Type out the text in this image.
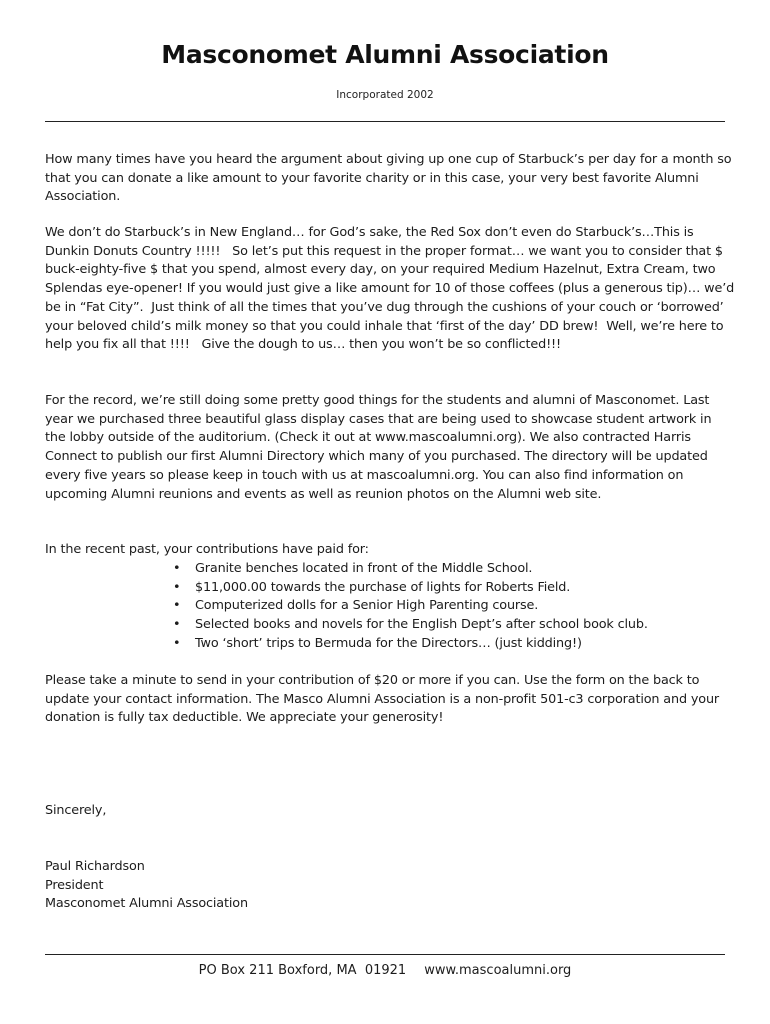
Masconomet Alumni Association
Incorporated 2002

How many times have you heard the argument about giving up one cup of Starbuck’s per day for a month so that you can donate a like amount to your favorite charity or in this case, your very best favorite Alumni Association.

We don’t do Starbuck’s in New England… for God’s sake, the Red Sox don’t even do Starbuck’s…This is Dunkin Donuts Country !!!!!   So let’s put this request in the proper format… we want you to consider that $ buck-eighty-five $ that you spend, almost every day, on your required Medium Hazelnut, Extra Cream, two Splendas eye-opener! If you would just give a like amount for 10 of those coffees (plus a generous tip)… we’d be in “Fat City”.  Just think of all the times that you’ve dug through the cushions of your couch or ‘borrowed’ your beloved child’s milk money so that you could inhale that ‘first of the day’ DD brew!  Well, we’re here to help you fix all that !!!!   Give the dough to us… then you won’t be so conflicted!!!

For the record, we’re still doing some pretty good things for the students and alumni of Masconomet. Last year we purchased three beautiful glass display cases that are being used to showcase student artwork in the lobby outside of the auditorium. (Check it out at www.mascoalumni.org). We also contracted Harris Connect to publish our first Alumni Directory which many of you purchased. The directory will be updated every five years so please keep in touch with us at mascoalumni.org. You can also find information on upcoming Alumni reunions and events as well as reunion photos on the Alumni web site.

In the recent past, your contributions have paid for:

• Granite benches located in front of the Middle School.
• $11,000.00 towards the purchase of lights for Roberts Field.
• Computerized dolls for a Senior High Parenting course.
• Selected books and novels for the English Dept’s after school book club.
• Two ‘short’ trips to Bermuda for the Directors… (just kidding!)

Please take a minute to send in your contribution of $20 or more if you can. Use the form on the back to update your contact information. The Masco Alumni Association is a non-profit 501-c3 corporation and your donation is fully tax deductible. We appreciate your generosity!

Sincerely,

Paul Richardson

President

Masconomet Alumni Association

PO Box 211 Boxford, MA  01921 www.mascoalumni.org
